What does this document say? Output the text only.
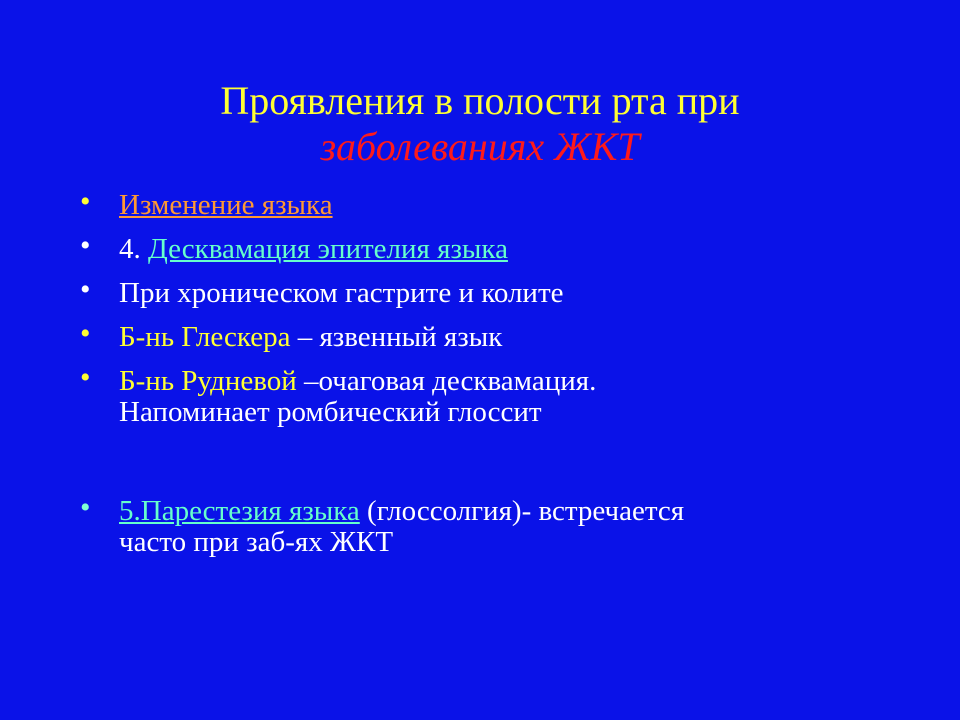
Проявления в полости рта при
заболеваниях ЖКТ
• Изменение языка
• 4. Десквамация эпителия языка
• При хроническом гастрите и колите
• Б-нь Глескера – язвенный язык
• Б-нь Рудневой –очаговая десквамация.
Напоминает ромбический глоссит
• 5.Парестезия языка (глоссолгия)- встречается
часто при заб-ях ЖКТ
